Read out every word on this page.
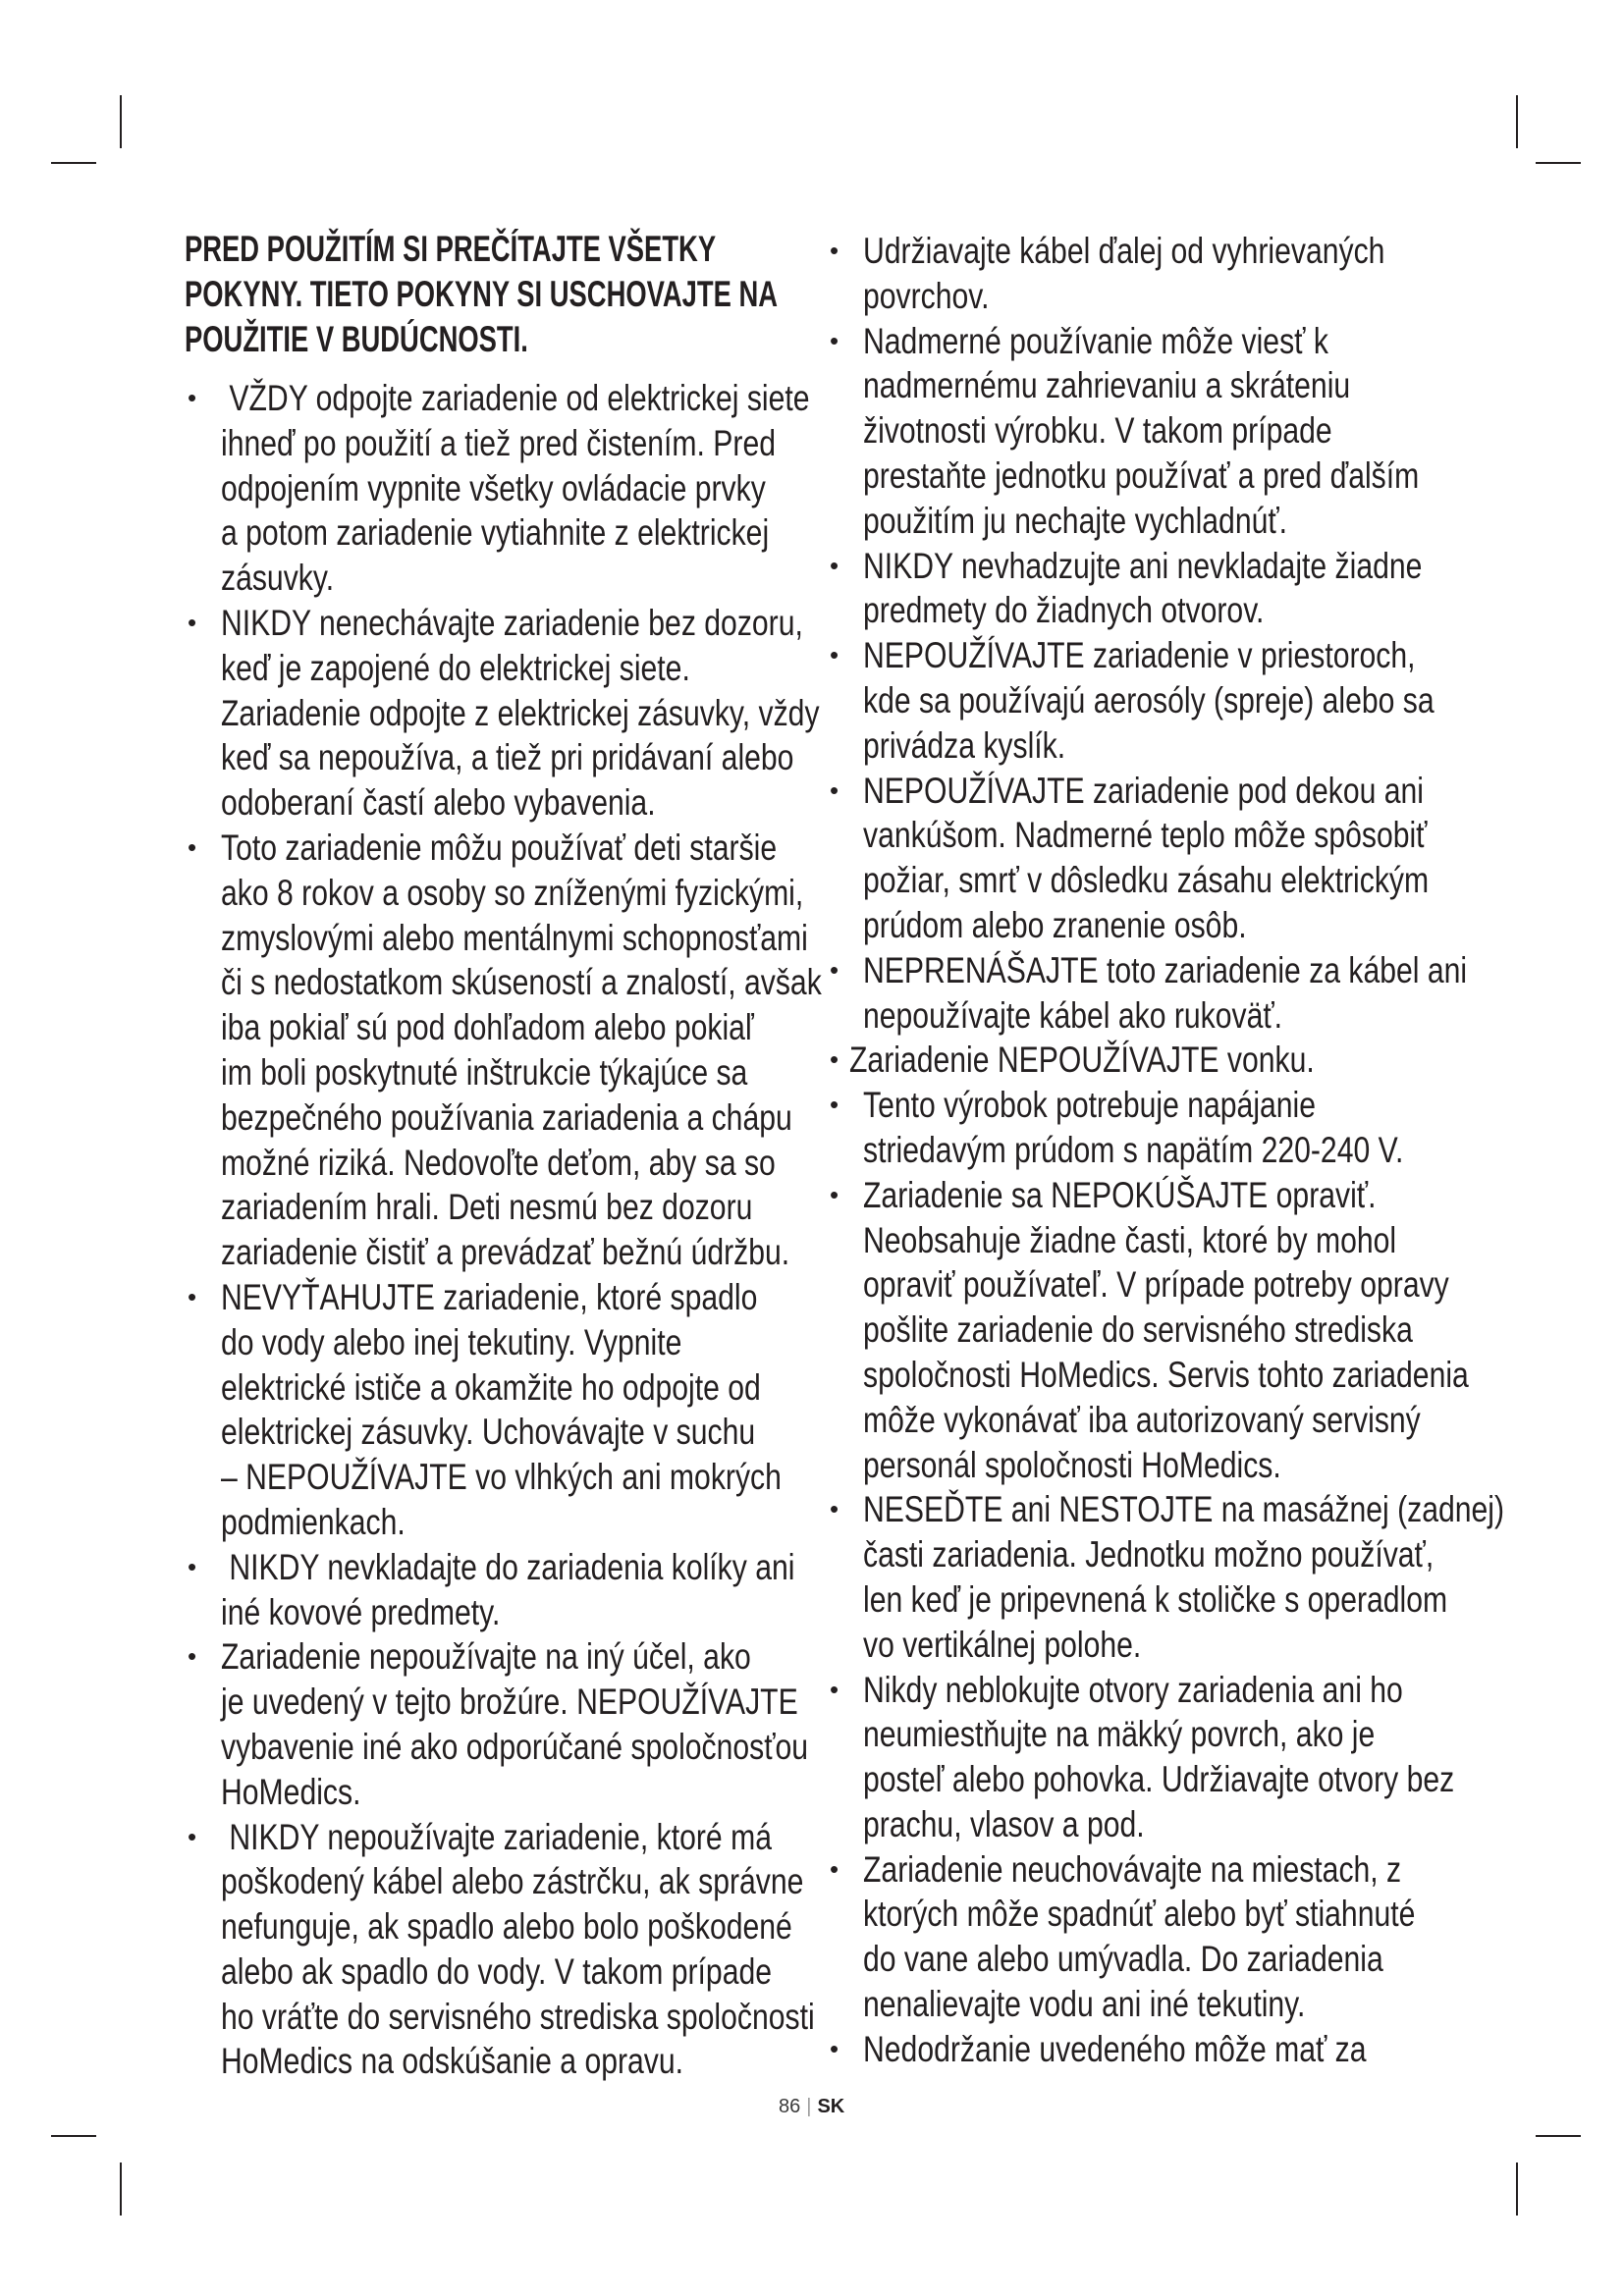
PRED POUŽITÍM SI PREČÍTAJTE VŠETKY
POKYNY. TIETO POKYNY SI USCHOVAJTE NA
POUŽITIE V BUDÚCNOSTI.
• VŽDY odpojte zariadenie od elektrickej siete
ihneď po použití a tiež pred čistením. Pred
odpojením vypnite všetky ovládacie prvky
a potom zariadenie vytiahnite z elektrickej
zásuvky.
• NIKDY nenechávajte zariadenie bez dozoru,
keď je zapojené do elektrickej siete.
Zariadenie odpojte z elektrickej zásuvky, vždy
keď sa nepoužíva, a tiež pri pridávaní alebo
odoberaní častí alebo vybavenia.
• Toto zariadenie môžu používať deti staršie
ako 8 rokov a osoby so zníženými fyzickými,
zmyslovými alebo mentálnymi schopnosťami
či s nedostatkom skúseností a znalostí, avšak
iba pokiaľ sú pod dohľadom alebo pokiaľ
im boli poskytnuté inštrukcie týkajúce sa
bezpečného používania zariadenia a chápu
možné riziká. Nedovoľte deťom, aby sa so
zariadením hrali. Deti nesmú bez dozoru
zariadenie čistiť a prevádzať bežnú údržbu.
• NEVYŤAHUJTE zariadenie, ktoré spadlo
do vody alebo inej tekutiny. Vypnite
elektrické ističe a okamžite ho odpojte od
elektrickej zásuvky. Uchovávajte v suchu
– NEPOUŽÍVAJTE vo vlhkých ani mokrých
podmienkach.
• NIKDY nevkladajte do zariadenia kolíky ani
iné kovové predmety.
• Zariadenie nepoužívajte na iný účel, ako
je uvedený v tejto brožúre. NEPOUŽÍVAJTE
vybavenie iné ako odporúčané spoločnosťou
HoMedics.
• NIKDY nepoužívajte zariadenie, ktoré má
poškodený kábel alebo zástrčku, ak správne
nefunguje, ak spadlo alebo bolo poškodené
alebo ak spadlo do vody. V takom prípade
ho vráťte do servisného strediska spoločnosti
HoMedics na odskúšanie a opravu.
• Udržiavajte kábel ďalej od vyhrievaných
povrchov.
• Nadmerné používanie môže viesť k
nadmernému zahrievaniu a skráteniu
životnosti výrobku. V takom prípade
prestaňte jednotku používať a pred ďalším
použitím ju nechajte vychladnúť.
• NIKDY nevhadzujte ani nevkladajte žiadne
predmety do žiadnych otvorov.
• NEPOUŽÍVAJTE zariadenie v priestoroch,
kde sa používajú aerosóly (spreje) alebo sa
privádza kyslík.
• NEPOUŽÍVAJTE zariadenie pod dekou ani
vankúšom. Nadmerné teplo môže spôsobiť
požiar, smrť v dôsledku zásahu elektrickým
prúdom alebo zranenie osôb.
• NEPRENÁŠAJTE toto zariadenie za kábel ani
nepoužívajte kábel ako rukoväť.
• Zariadenie NEPOUŽÍVAJTE vonku.
• Tento výrobok potrebuje napájanie
striedavým prúdom s napätím 220-240 V.
• Zariadenie sa NEPOKÚŠAJTE opraviť.
Neobsahuje žiadne časti, ktoré by mohol
opraviť používateľ. V prípade potreby opravy
pošlite zariadenie do servisného strediska
spoločnosti HoMedics. Servis tohto zariadenia
môže vykonávať iba autorizovaný servisný
personál spoločnosti HoMedics.
• NESEĎTE ani NESTOJTE na masážnej (zadnej)
časti zariadenia. Jednotku možno používať,
len keď je pripevnená k stoličke s operadlom
vo vertikálnej polohe.
• Nikdy neblokujte otvory zariadenia ani ho
neumiestňujte na mäkký povrch, ako je
posteľ alebo pohovka. Udržiavajte otvory bez
prachu, vlasov a pod.
• Zariadenie neuchovávajte na miestach, z
ktorých môže spadnúť alebo byť stiahnuté
do vane alebo umývadla. Do zariadenia
nenalievajte vodu ani iné tekutiny.
• Nedodržanie uvedeného môže mať za
86 | SK
